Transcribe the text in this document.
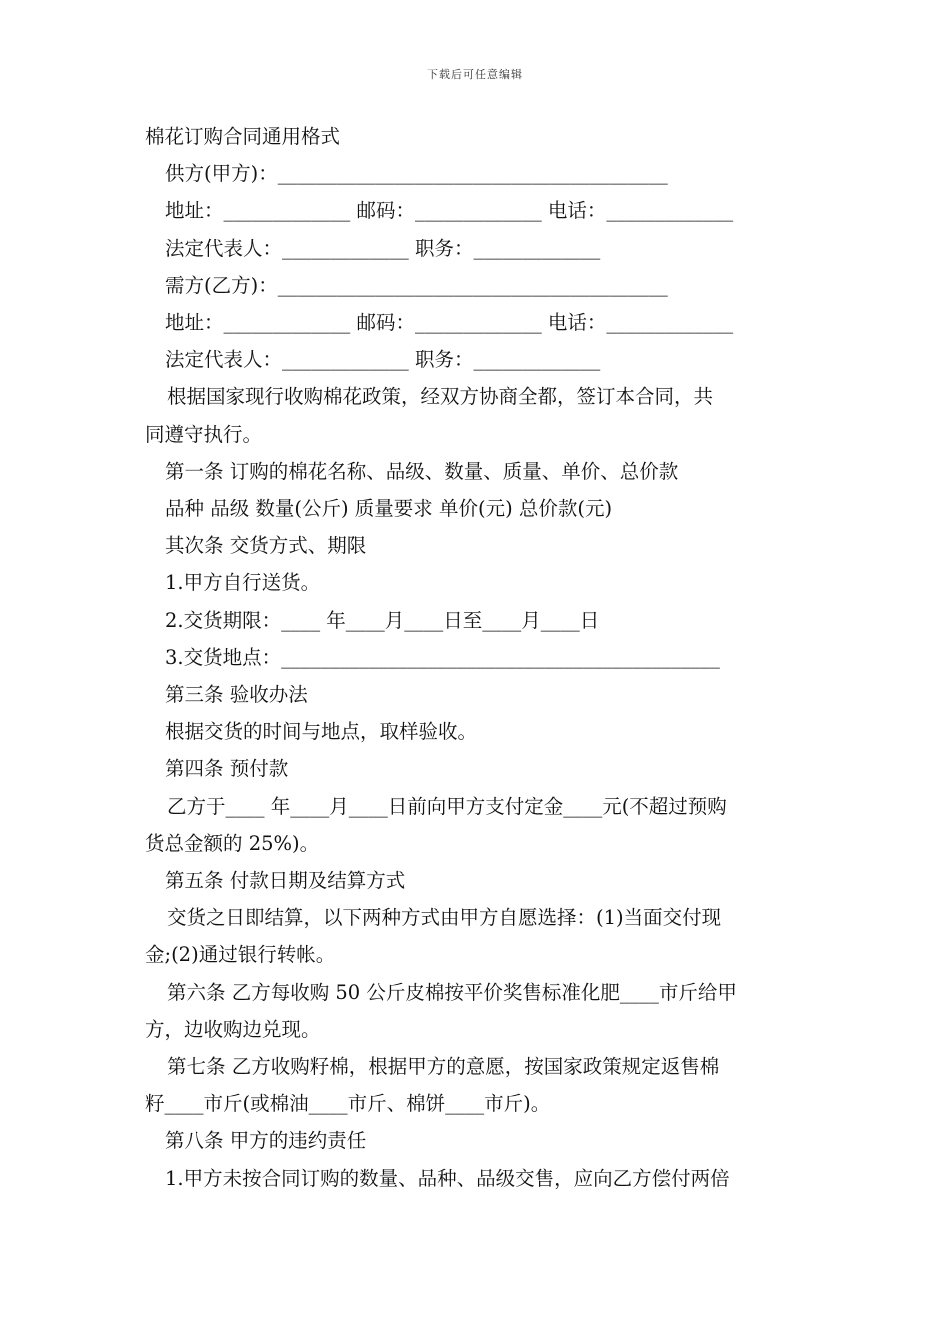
下载后可任意编辑

棉花订购合同通用格式

供方(甲方)：________________________________________

地址：_____________ 邮码：_____________ 电话：_____________

法定代表人：_____________ 职务：_____________

需方(乙方)：________________________________________

地址：_____________ 邮码：_____________ 电话：_____________

法定代表人：_____________ 职务：_____________

根据国家现行收购棉花政策，经双方协商全都，签订本合同，共

同遵守执行。

第一条 订购的棉花名称、品级、数量、质量、单价、总价款

品种 品级 数量(公斤) 质量要求 单价(元) 总价款(元)

其次条 交货方式、期限

1.甲方自行送货。

2.交货期限：____ 年____月____日至____月____日

3.交货地点：_____________________________________________

第三条 验收办法

根据交货的时间与地点，取样验收。

第四条 预付款

乙方于____ 年____月____日前向甲方支付定金____元(不超过预购

货总金额的 25%)。

第五条 付款日期及结算方式

交货之日即结算，以下两种方式由甲方自愿选择：(1)当面交付现

金;(2)通过银行转帐。

第六条 乙方每收购 50 公斤皮棉按平价奖售标准化肥____市斤给甲

方，边收购边兑现。

第七条 乙方收购籽棉，根据甲方的意愿，按国家政策规定返售棉

籽____市斤(或棉油____市斤、棉饼____市斤)。

第八条 甲方的违约责任

1.甲方未按合同订购的数量、品种、品级交售，应向乙方偿付两倍
